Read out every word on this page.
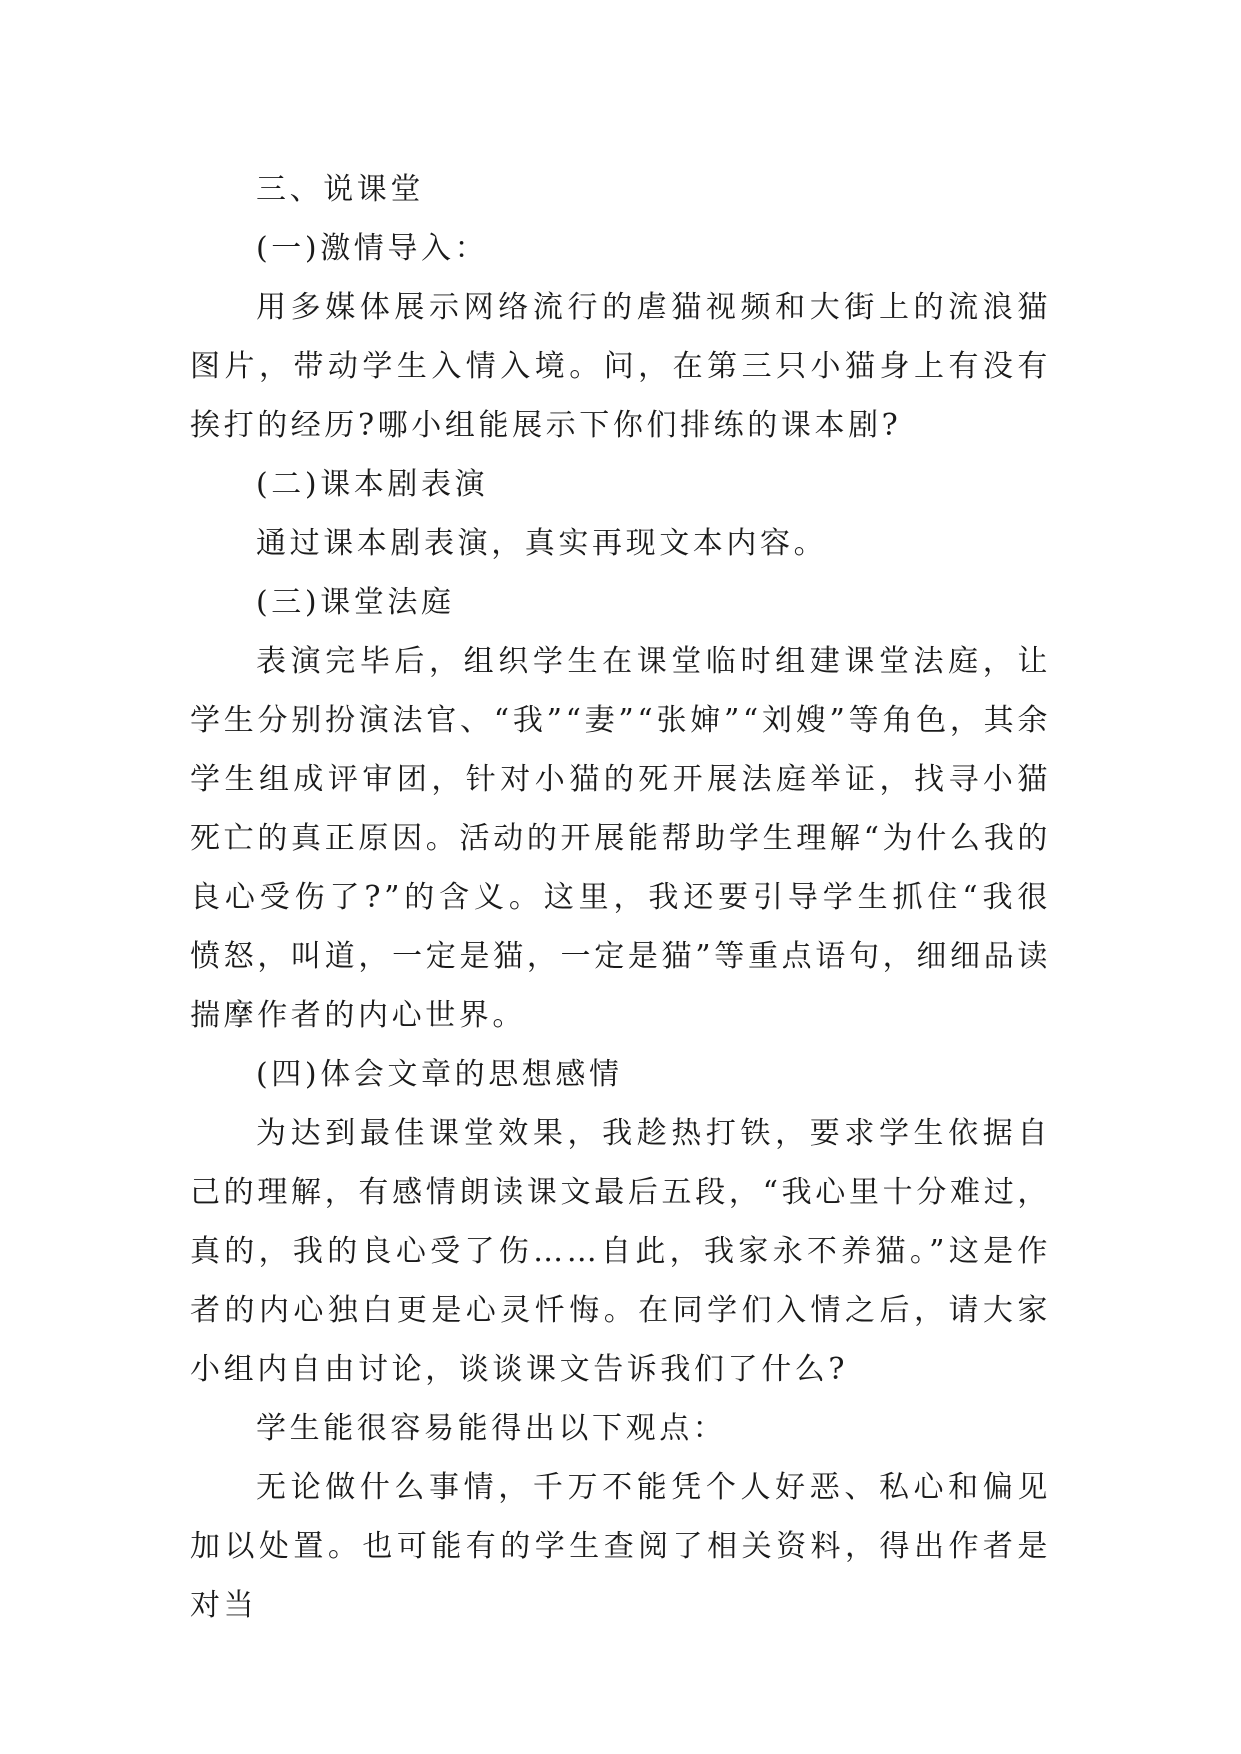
三、说课堂

(一)激情导入：

用多媒体展示网络流行的虐猫视频和大街上的流浪猫图片，带动学生入情入境。问，在第三只小猫身上有没有挨打的经历?哪小组能展示下你们排练的课本剧?

(二)课本剧表演

通过课本剧表演，真实再现文本内容。

(三)课堂法庭

表演完毕后，组织学生在课堂临时组建课堂法庭，让学生分别扮演法官、“我”“妻”“张婶”“刘嫂”等角色，其余学生组成评审团，针对小猫的死开展法庭举证，找寻小猫死亡的真正原因。活动的开展能帮助学生理解“为什么我的良心受伤了?”的含义。这里，我还要引导学生抓住“我很愤怒，叫道，一定是猫，一定是猫”等重点语句，细细品读揣摩作者的内心世界。

(四)体会文章的思想感情

为达到最佳课堂效果，我趁热打铁，要求学生依据自己的理解，有感情朗读课文最后五段，“我心里十分难过，真的，我的良心受了伤……自此，我家永不养猫。”这是作者的内心独白更是心灵忏悔。在同学们入情之后，请大家小组内自由讨论，谈谈课文告诉我们了什么?

学生能很容易能得出以下观点：

无论做什么事情，千万不能凭个人好恶、私心和偏见加以处置。也可能有的学生查阅了相关资料，得出作者是对当
